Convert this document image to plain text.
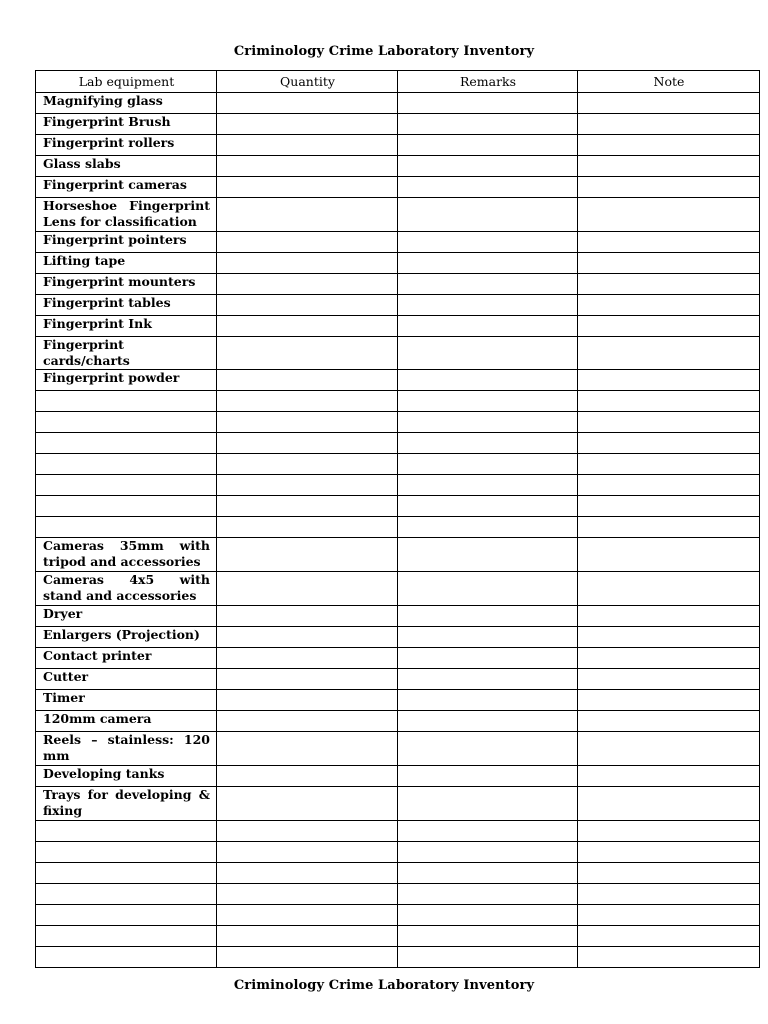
Criminology Crime Laboratory Inventory
Lab equipment	Quantity	Remarks	Note
Magnifying glass			
Fingerprint Brush			
Fingerprint rollers			
Glass slabs			
Fingerprint cameras			
Horseshoe Fingerprint Lens for classification			
Fingerprint pointers			
Lifting tape			
Fingerprint mounters			
Fingerprint tables			
Fingerprint Ink			
Fingerprint cards/charts			
Fingerprint powder			

Cameras 35mm with tripod and accessories			
Cameras 4x5 with stand and accessories			
Dryer			
Enlargers (Projection)			
Contact printer			
Cutter			
Timer			
120mm camera			
Reels – stainless: 120 mm			
Developing tanks			
Trays for developing & fixing			

Criminology Crime Laboratory Inventory
